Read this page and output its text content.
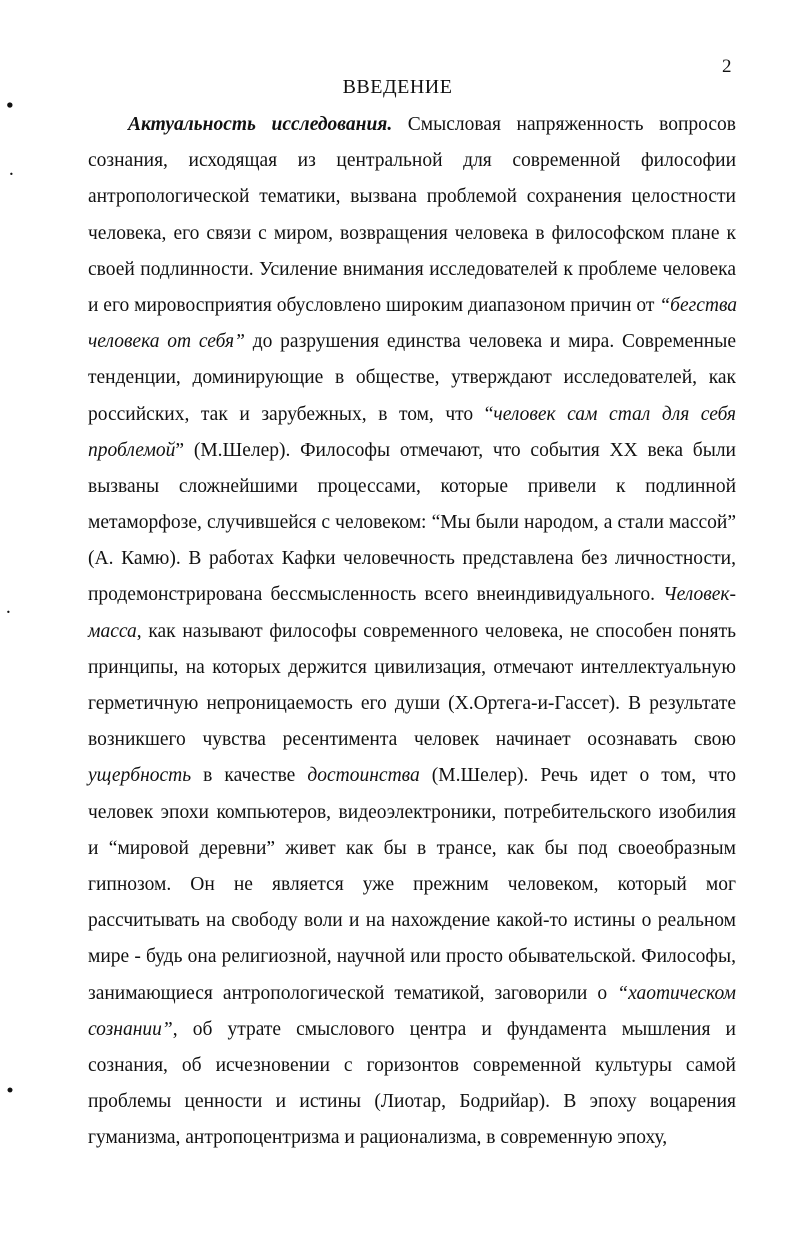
2
ВВЕДЕНИЕ
•
•
•
•
Актуальность исследования. Смысловая напряженность вопросов
сознания, исходящая из центральной для современной философии
антропологической тематики, вызвана проблемой сохранения целостности
человека, его связи с миром, возвращения человека в философском плане к
своей подлинности. Усиление внимания исследователей к проблеме человека
и его мировосприятия обусловлено широким диапазоном причин от “бегства
человека от себя” до разрушения единства человека и мира. Современные
тенденции, доминирующие в обществе, утверждают исследователей, как
российских, так и зарубежных, в том, что “человек сам стал для себя
проблемой” (М.Шелер). Философы отмечают, что события XX века были
вызваны сложнейшими процессами, которые привели к подлинной
метаморфозе, случившейся с человеком: “Мы были народом, а стали массой”
(А. Камю). В работах Кафки человечность представлена без личностности,
продемонстрирована бессмысленность всего внеиндивидуального. Человек-
масса, как называют философы современного человека, не способен понять
принципы, на которых держится цивилизация, отмечают интеллектуальную
герметичную непроницаемость его души (Х.Ортега-и-Гассет). В результате
возникшего чувства ресентимента человек начинает осознавать свою
ущербность в качестве достоинства (М.Шелер). Речь идет о том, что
человек эпохи компьютеров, видеоэлектроники, потребительского изобилия
и “мировой деревни” живет как бы в трансе, как бы под своеобразным
гипнозом. Он не является уже прежним человеком, который мог
рассчитывать на свободу воли и на нахождение какой-то истины о реальном
мире - будь она религиозной, научной или просто обывательской. Философы,
занимающиеся антропологической тематикой, заговорили о “хаотическом
сознании”, об утрате смыслового центра и фундамента мышления и
сознания, об исчезновении с горизонтов современной культуры самой
проблемы ценности и истины (Лиотар, Бодрийар). В эпоху воцарения
гуманизма, антропоцентризма и рационализма, в современную эпоху,
